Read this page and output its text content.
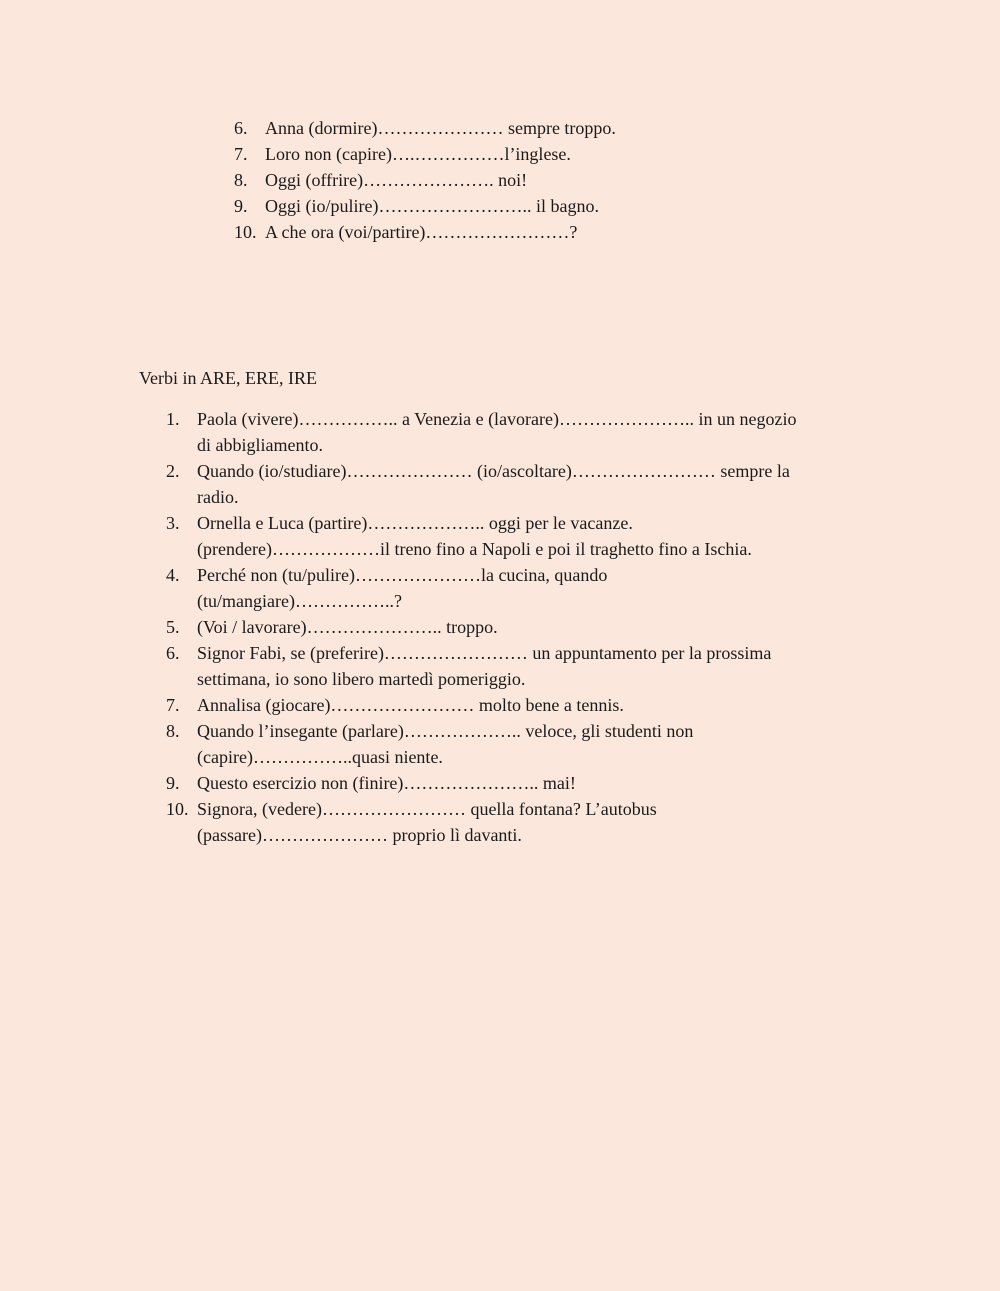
6. Anna (dormire)………………… sempre troppo.
7. Loro non (capire)….……………l’inglese.
8. Oggi (offrire)…………………. noi!
9. Oggi (io/pulire)…………………….. il bagno.
10. A che ora (voi/partire)……………………?
Verbi in ARE, ERE, IRE
1. Paola (vivere)…………….. a Venezia e (lavorare)………………….. in un negozio
di abbigliamento.
2. Quando (io/studiare)………………… (io/ascoltare)…………………… sempre la
radio.
3. Ornella e Luca (partire)……………….. oggi per le vacanze.
(prendere)………………il treno fino a Napoli e poi il traghetto fino a Ischia.
4. Perché non (tu/pulire)…………………la cucina, quando
(tu/mangiare)……………..?
5. (Voi / lavorare)………………….. troppo.
6. Signor Fabi, se (preferire)…………………… un appuntamento per la prossima
settimana, io sono libero martedì pomeriggio.
7. Annalisa (giocare)…………………… molto bene a tennis.
8. Quando l’insegante (parlare)……………….. veloce, gli studenti non
(capire)……………..quasi niente.
9. Questo esercizio non (finire)………………….. mai!
10. Signora, (vedere)…………………… quella fontana? L’autobus
(passare)………………… proprio lì davanti.
